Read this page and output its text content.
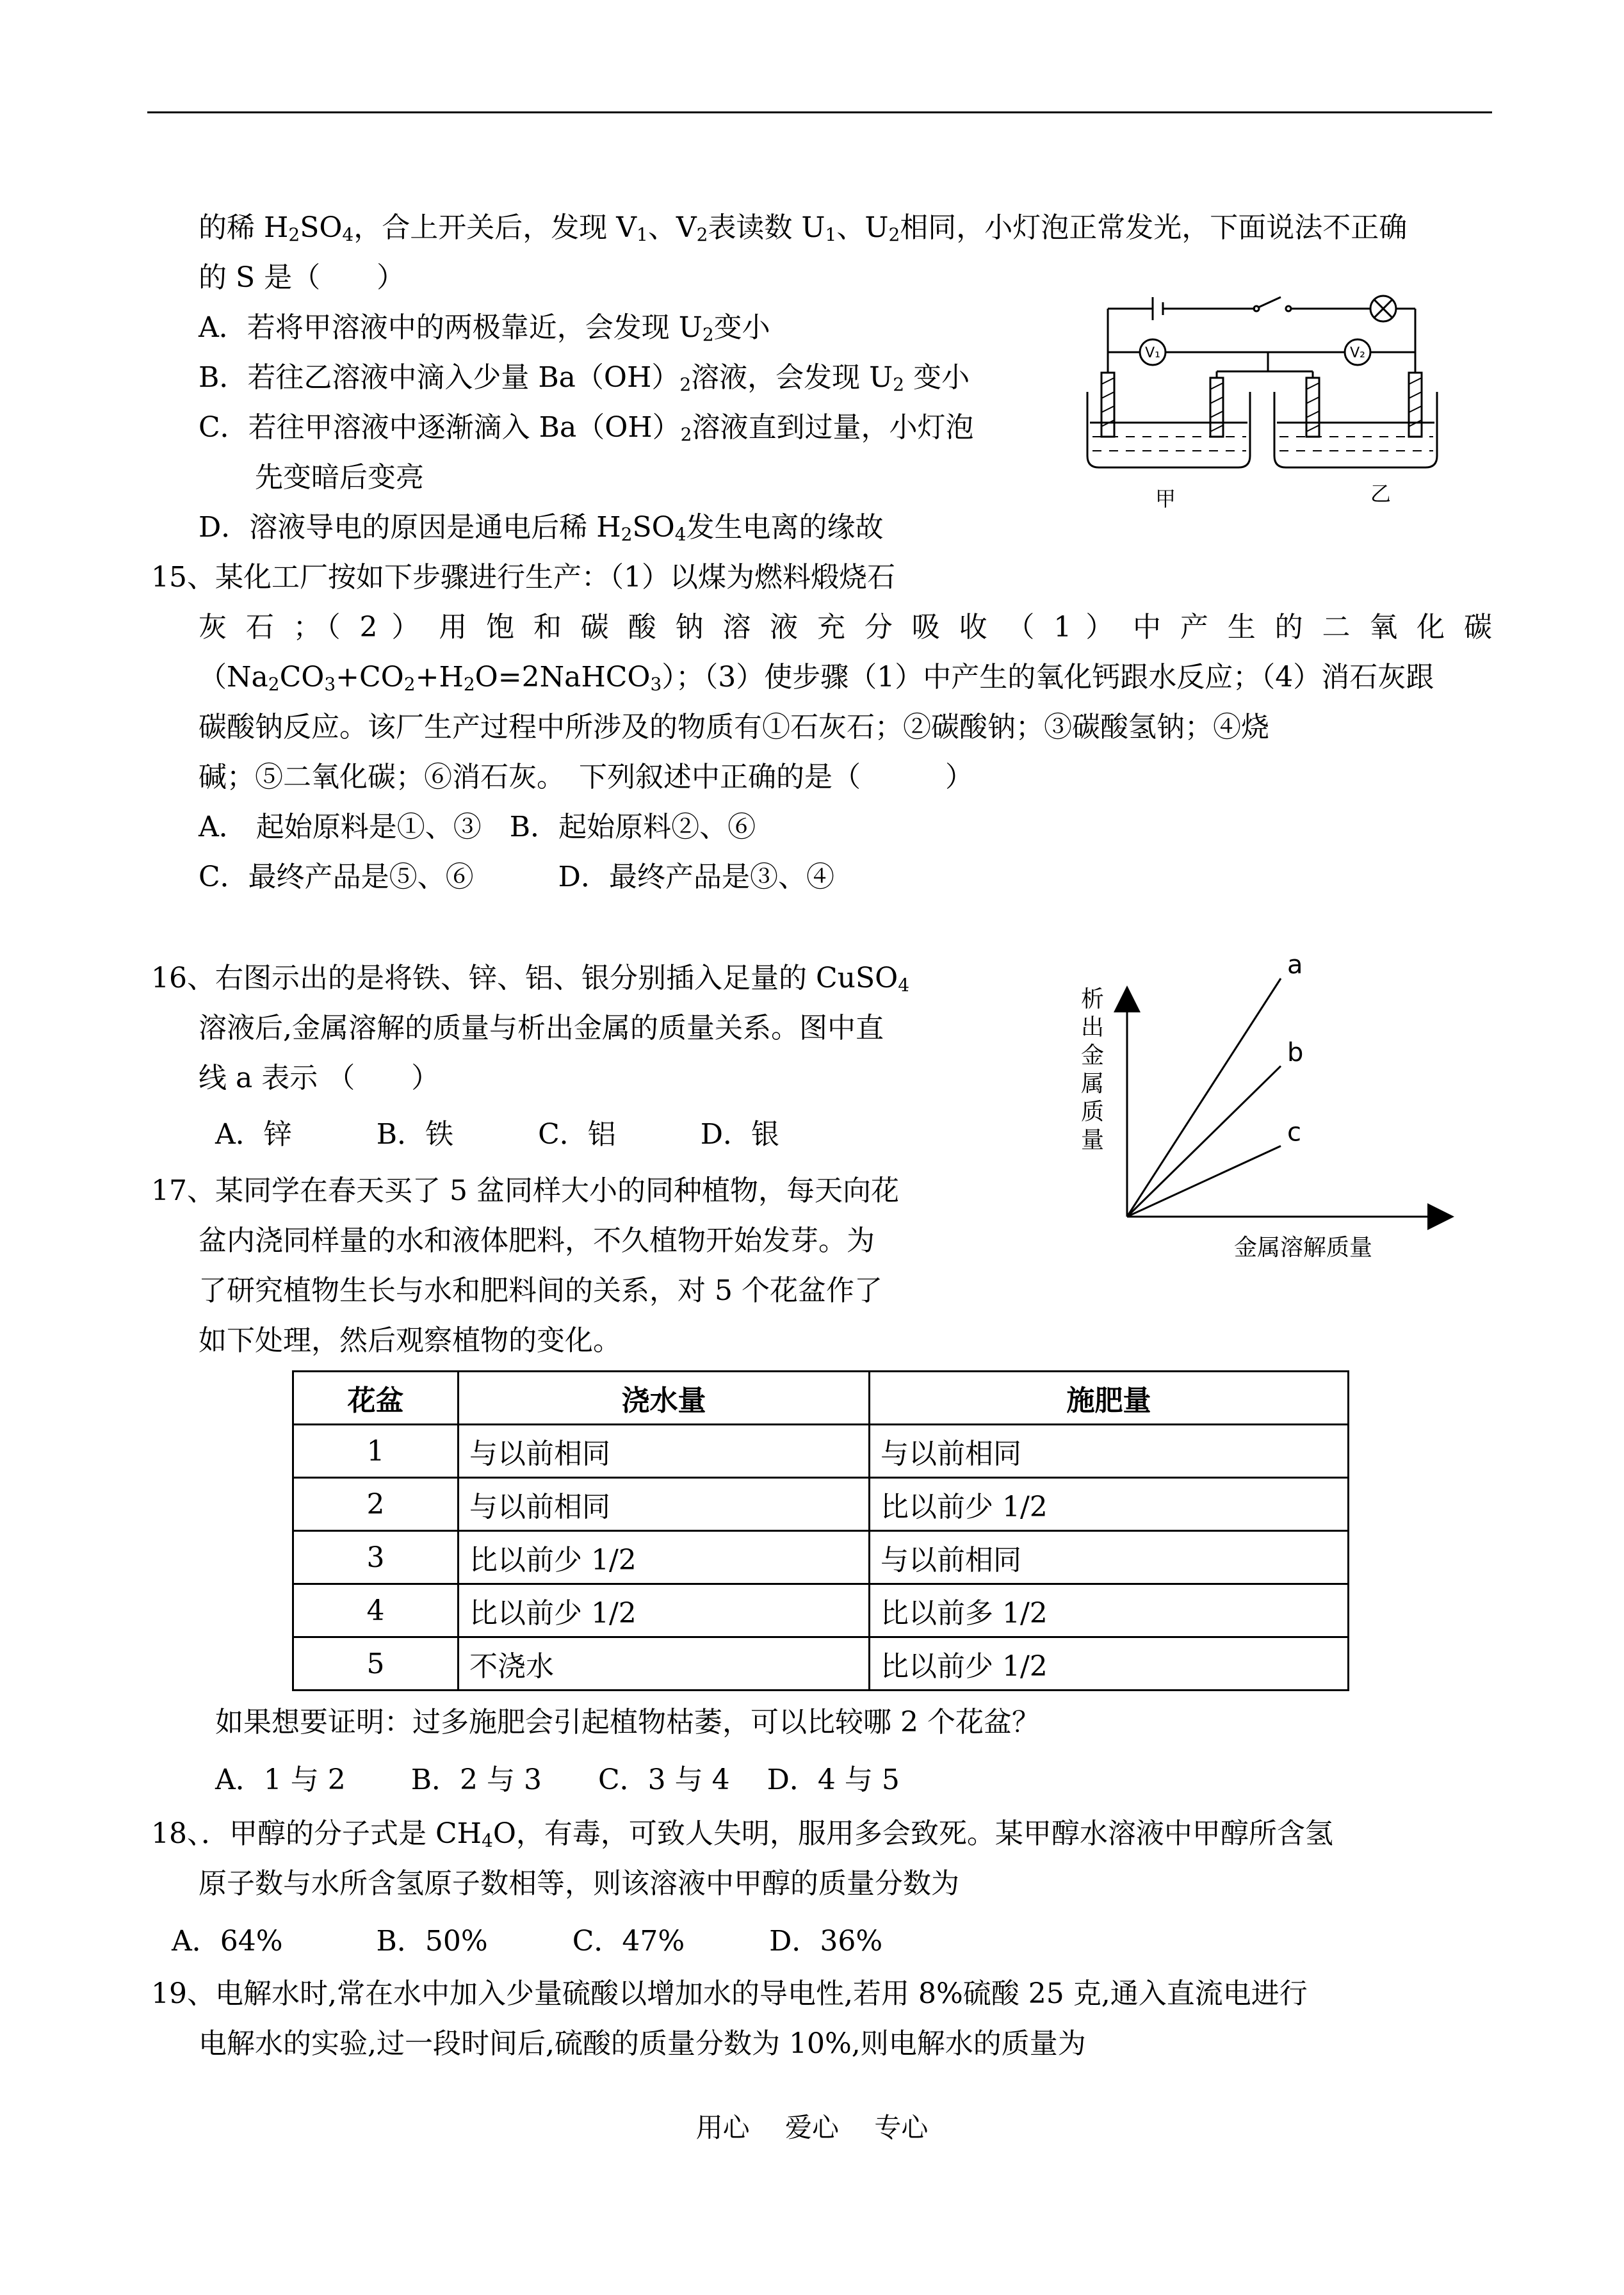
的稀 $H_2SO_4$，合上开关后，发现 $V_1$、$V_2$表读数 $U_1$、$U_2$相同，小灯泡正常发光，下面说法不正确

的 S 是（　　）

A．若将甲溶液中的两极靠近，会发现 $U_2$变小

B．若往乙溶液中滴入少量 $Ba(OH)_2$溶液，会发现 $U_2$ 变小

C．若往甲溶液中逐渐滴入 $Ba(OH)_2$溶液直到过量，小灯泡

先变暗后变亮

D．溶液导电的原因是通电后稀 $H_2SO_4$发生电离的缘故

V₁	V₂
甲	乙

15、某化工厂按如下步骤进行生产：（1）以煤为燃料煅烧石

灰 石 ；（ 2 ） 用 饱 和 碳 酸 钠 溶 液 充 分 吸 收 （ 1 ） 中 产 生 的 二 氧 化 碳

$(Na_2CO_3+CO_2+H_2O=2NaHCO_3)$；（3）使步骤（1）中产生的氧化钙跟水反应；（4）消石灰跟

碳酸钠反应。该厂生产过程中所涉及的物质有①石灰石；②碳酸钠；③碳酸氢钠；④烧

碱；⑤二氧化碳；⑥消石灰。　下列叙述中正确的是（　　　）

A． 起始原料是①、③　B．起始原料②、⑥

C．最终产品是⑤、⑥　　　D．最终产品是③、④

16、右图示出的是将铁、锌、铝、银分别插入足量的 CuSO$_4$

溶液后,金属溶解的质量与析出金属的质量关系。图中直

线 a 表示 （　　）

A．锌　　　B．铁　　　C．铝　　　D．银

a
b
c
析
出
金
属
质
量
金属溶解质量

17、某同学在春天买了 5 盆同样大小的同种植物，每天向花

盆内浇同样量的水和液体肥料，不久植物开始发芽。为

了研究植物生长与水和肥料间的关系，对 5 个花盆作了

如下处理，然后观察植物的变化。

花盆	浇水量	施肥量
1	与以前相同	与以前相同
2	与以前相同	比以前少 1/2
3	比以前少 1/2	与以前相同
4	比以前少 1/2	比以前多 1/2
5	不浇水	比以前少 1/2

如果想要证明：过多施肥会引起植物枯萎，可以比较哪 2 个花盆？

A．1 与 2　　 B．2 与 3　　C．3 与 4　 D．4 与 5

18、．甲醇的分子式是 $CH_4O$，有毒，可致人失明，服用多会致死。某甲醇水溶液中甲醇所含氢

原子数与水所含氢原子数相等，则该溶液中甲醇的质量分数为

A．64%　　　 B．50%　　　C．47%　　　D．36%

19、电解水时,常在水中加入少量硫酸以增加水的导电性,若用 8%硫酸 25 克,通入直流电进行

电解水的实验,过一段时间后,硫酸的质量分数为 10%,则电解水的质量为

用心　 爱心　 专心
